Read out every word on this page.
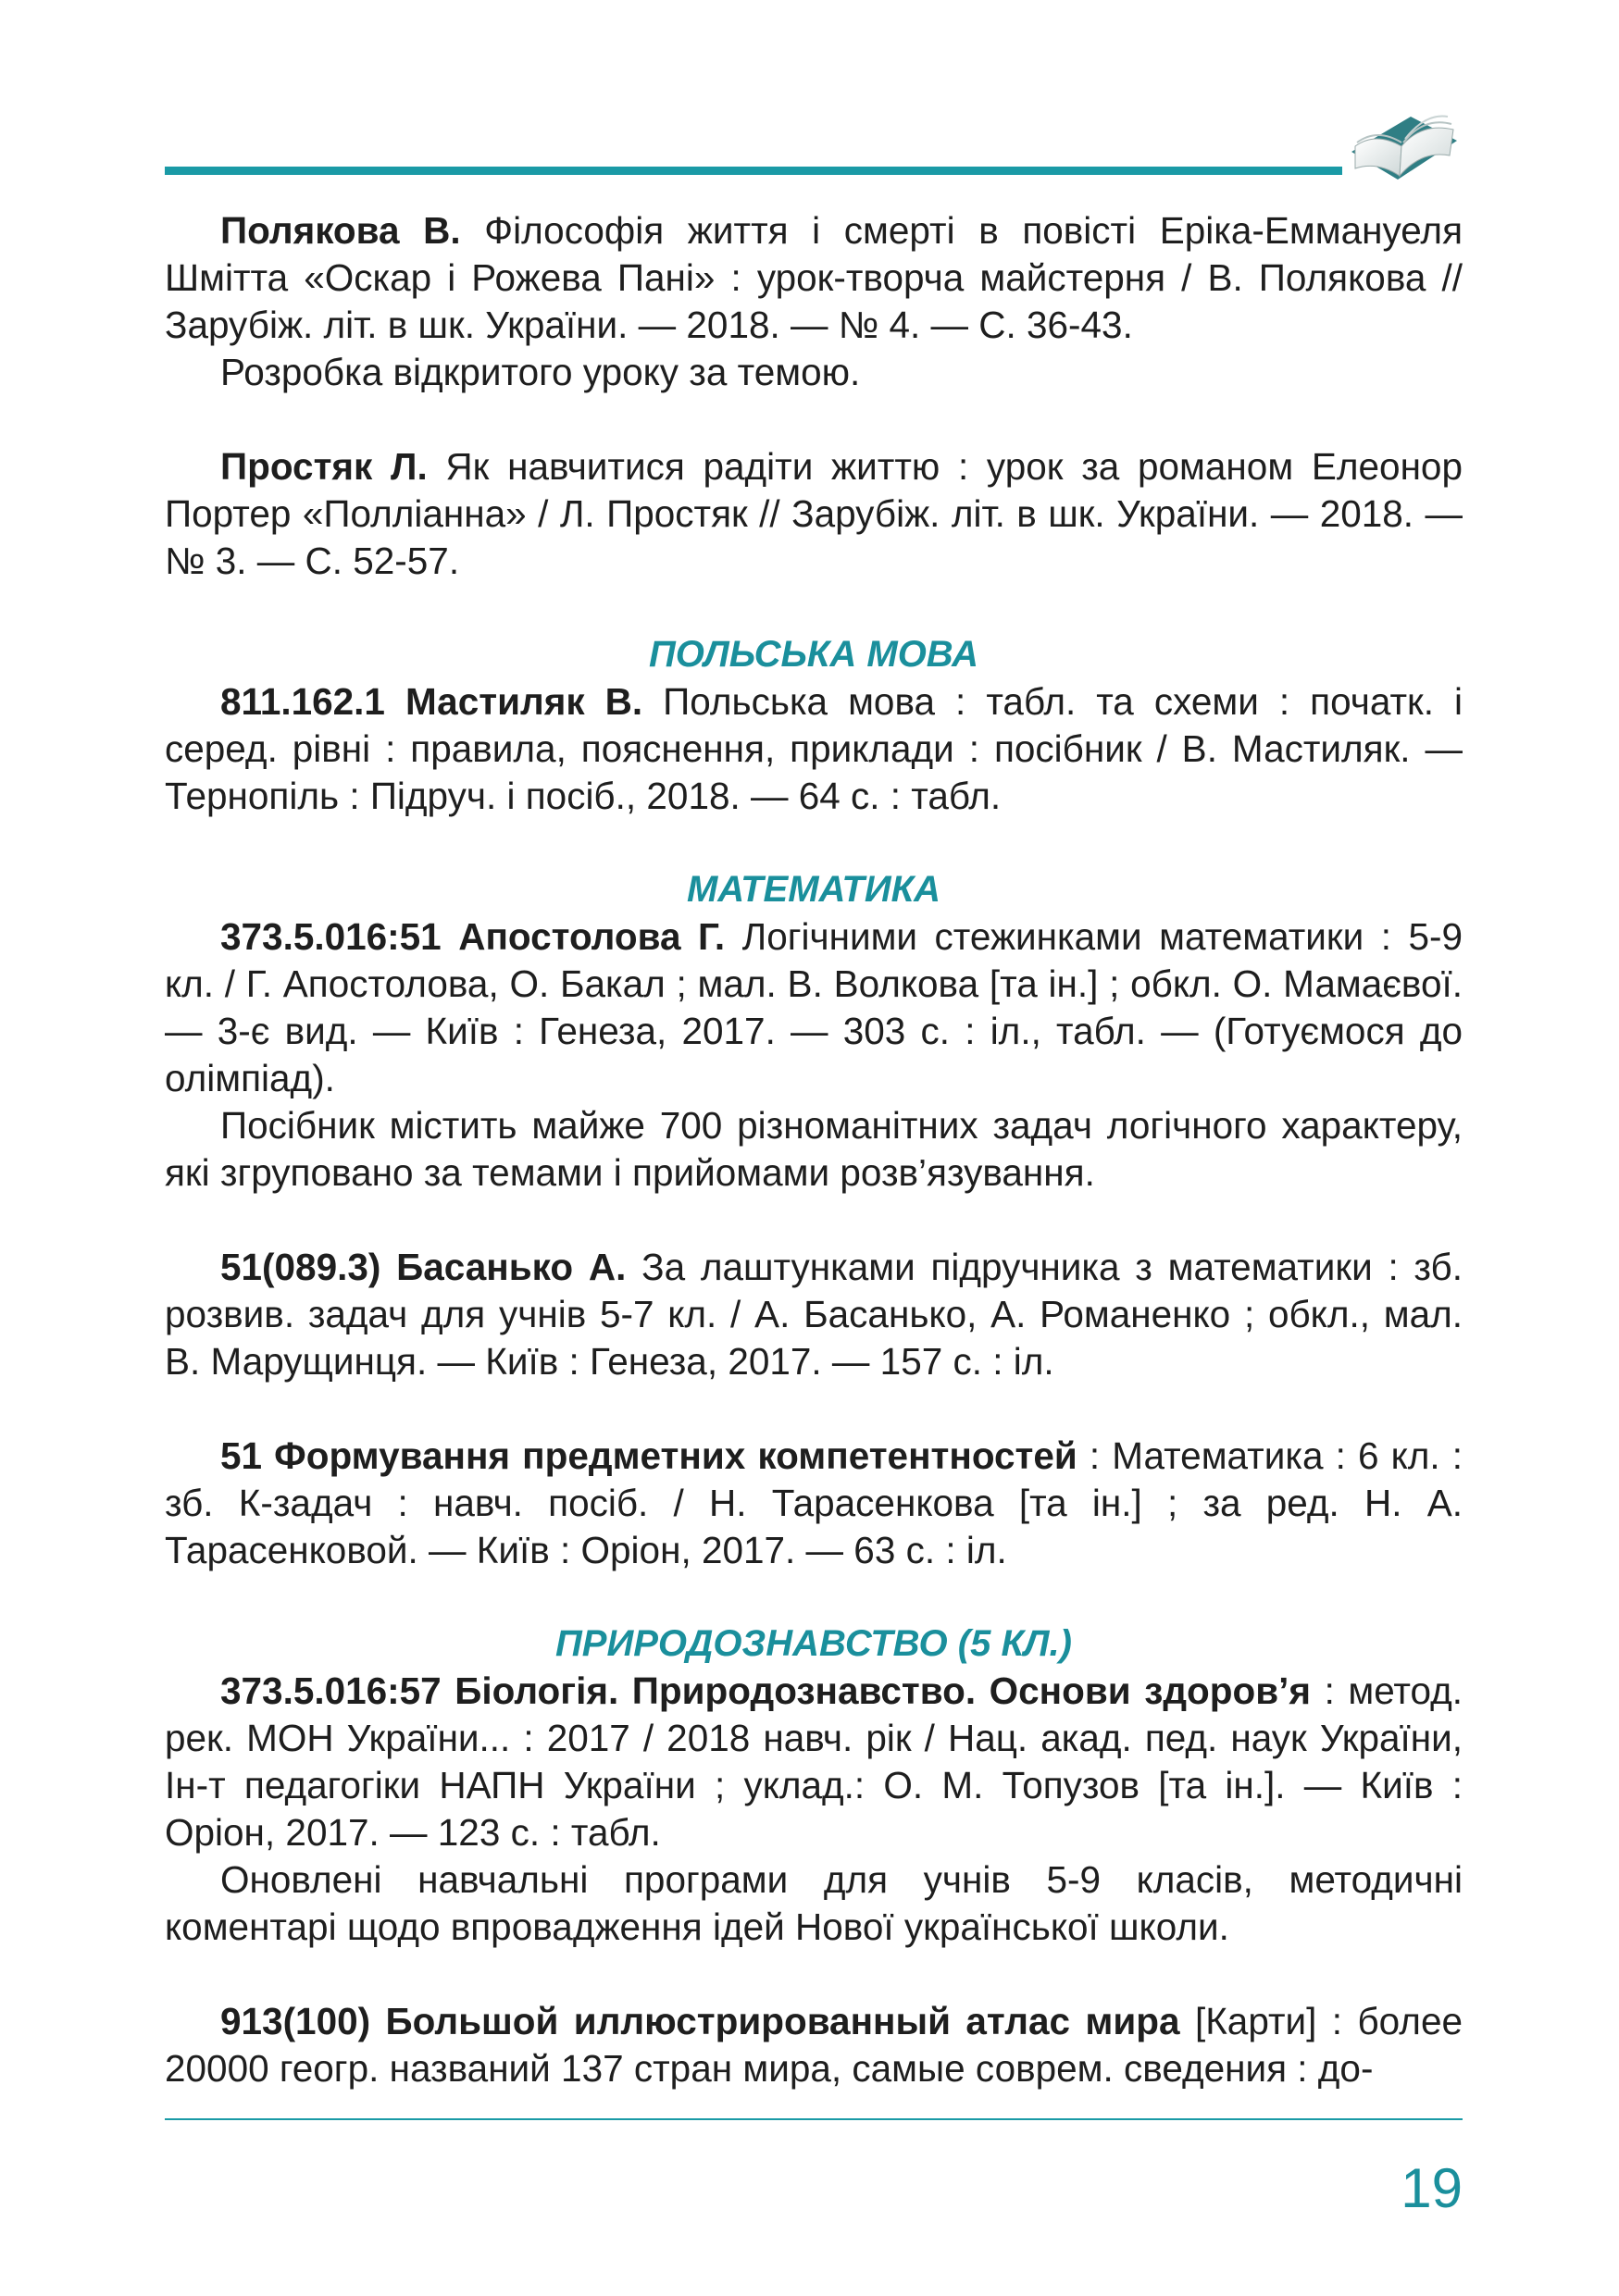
Полякова В. Філософія життя і смерті в повісті Еріка-Еммануеля Шмітта «Оскар і Рожева Пані» : урок-творча майстерня / В. Полякова // Зарубіж. літ. в шк. України. — 2018. — № 4. — С. 36-43.

Розробка відкритого уроку за темою.

Простяк Л. Як навчитися радіти життю : урок за романом Елеонор Портер «Полліанна» / Л. Простяк // Зарубіж. літ. в шк. України. — 2018. — № 3. — С. 52-57.

ПОЛЬСЬКА МОВА

811.162.1 Мастиляк В. Польська мова : табл. та схеми : початк. і серед. рівні : правила, пояснення, приклади : посібник / В. Мастиляк. — Тернопіль : Підруч. і посіб., 2018. — 64 с. : табл.

МАТЕМАТИКА

373.5.016:51 Апостолова Г. Логічними стежинками математики : 5-9 кл. / Г. Апостолова, О. Бакал ; мал. В. Волкова [та ін.] ; обкл. О. Мамаєвої. — 3-є вид. — Київ : Генеза, 2017. — 303 с. : іл., табл. — (Готуємося до олімпіад).

Посібник містить майже 700 різноманітних задач логічного характеру, які згруповано за темами і прийомами розв’язування.

51(089.3) Басанько А. За лаштунками підручника з математики : зб. розвив. задач для учнів 5-7 кл. / А. Басанько, А. Романенко ; обкл., мал. В. Марущинця. — Київ : Генеза, 2017. — 157 с. : іл.

51 Формування предметних компетентностей : Математика : 6 кл. : зб. К-задач : навч. посіб. / Н. Тарасенкова [та ін.] ; за ред. Н. А. Тарасенковой. — Київ : Оріон, 2017. — 63 с. : іл.

ПРИРОДОЗНАВСТВО (5 КЛ.)

373.5.016:57 Біологія. Природознавство. Основи здоров’я : метод. рек. МОН України... : 2017 / 2018 навч. рік / Нац. акад. пед. наук України, Ін-т педагогіки НАПН України ; уклад.: О. М. Топузов [та ін.]. — Київ : Оріон, 2017. — 123 с. : табл.

Оновлені навчальні програми для учнів 5-9 класів, методичні коментарі щодо впровадження ідей Нової української школи.

913(100) Большой иллюстрированный атлас мира [Карти] : более 20000 геогр. названий 137 стран мира, самые соврем. сведения : до-

19
